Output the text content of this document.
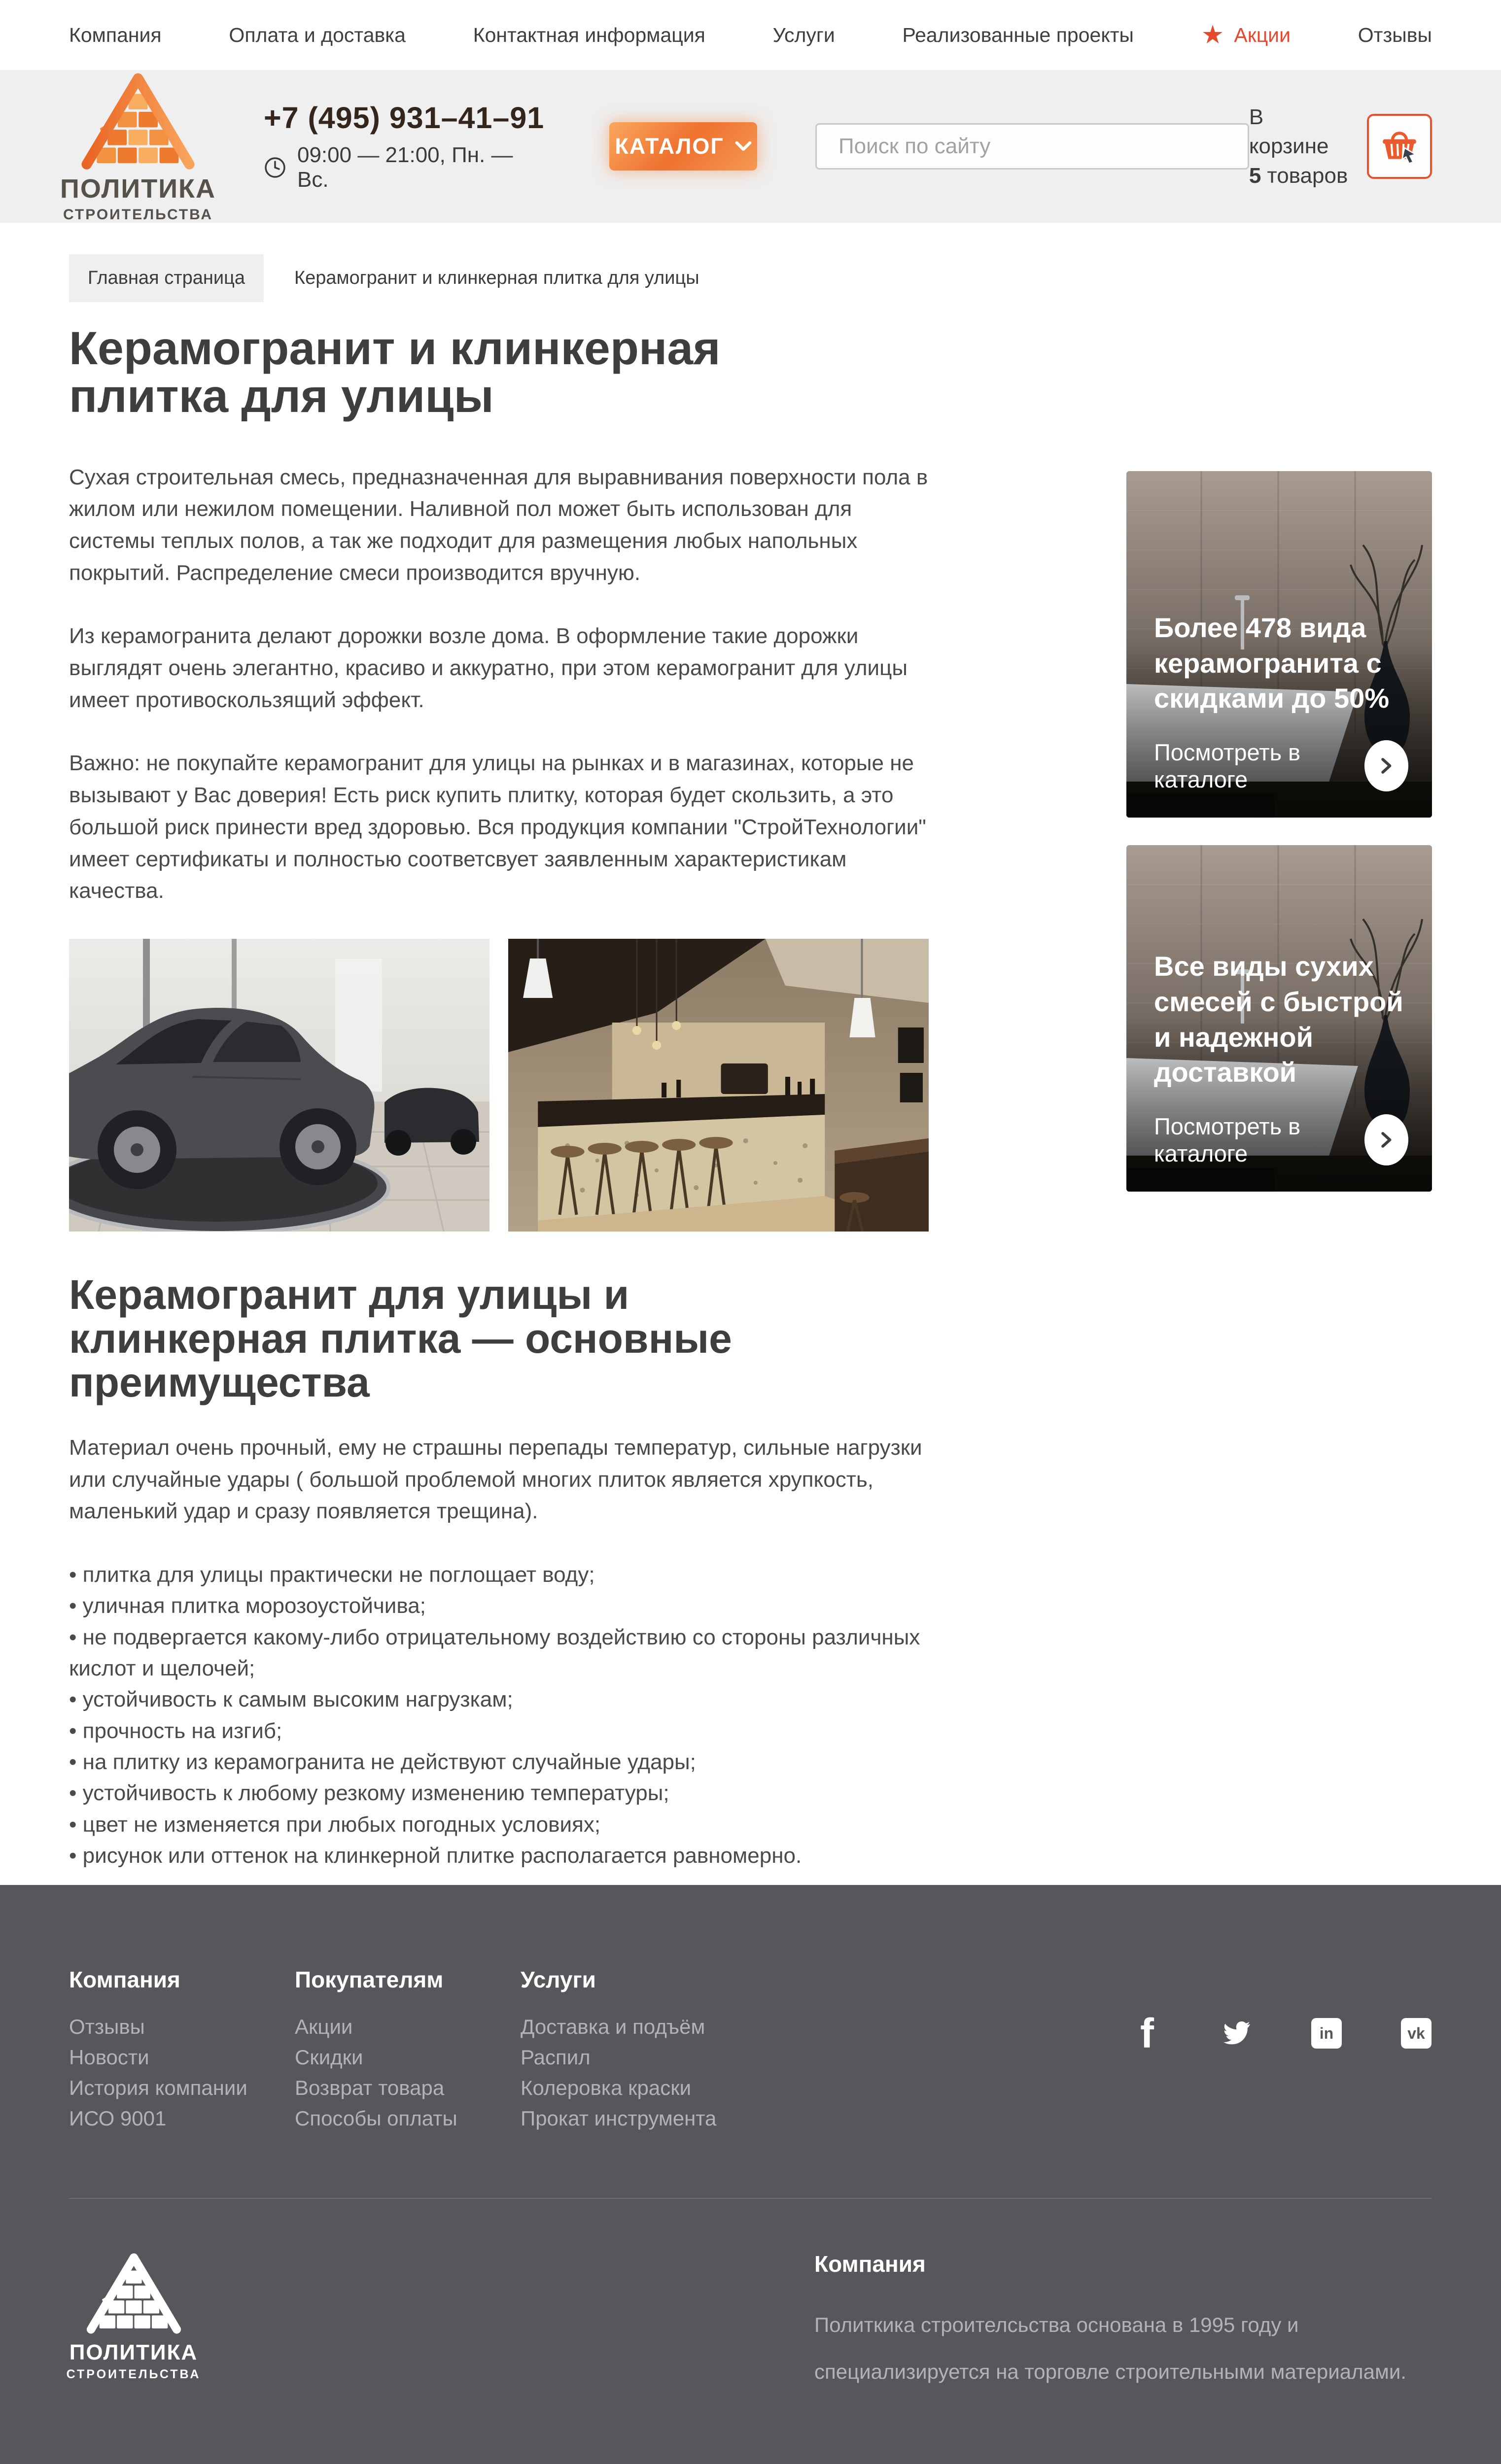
Компания	Оплата и доставка	Контактная информация	Услуги	Реализованные проекты	★ Акции	Отзывы
ПОЛИТИКА
СТРОИТЕЛЬСТВА
+7 (495) 931–41–91
09:00 — 21:00, Пн. — Вс.
КАТАЛОГ
Поиск по сайту
В корзине
5 товаров
Главная страница	Керамогранит и клинкерная плитка для улицы
Керамогранит и клинкерная плитка для улицы

Сухая строительная смесь, предназначенная для выравнивания поверхности пола в жилом или нежилом помещении. Наливной пол может быть использован для системы теплых полов, а так же подходит для размещения любых напольных покрытий. Распределение смеси производится вручную.

Из керамогранита делают дорожки возле дома. В оформление такие дорожки выглядят очень элегантно, красиво и аккуратно, при этом керамогранит для улицы имеет противоскользящий эффект.

Важно: не покупайте керамогранит для улицы на рынках и в магазинах, которые не вызывают у Вас доверия! Есть риск купить плитку, которая будет скользить, а это большой риск принести вред здоровью. Вся продукция компании "СтройТехнологии" имеет сертификаты и полностью соответсвует заявленным характеристикам качества.

Керамогранит для улицы и клинкерная плитка — основные преимущества

Материал очень прочный, ему не страшны перепады температур, сильные нагрузки или случайные удары ( большой проблемой многих плиток является хрупкость, маленький удар и сразу появляется трещина).

• плитка для улицы практически не поглощает воду;
• уличная плитка морозоустойчива;
• не подвергается какому-либо отрицательному воздействию со стороны различных кислот и щелочей;
• устойчивость к самым высоким нагрузкам;
• прочность на изгиб;
• на плитку из керамогранита не действуют случайные удары;
• устойчивость к любому резкому изменению температуры;
• цвет не изменяется при любых погодных условиях;
• рисунок или оттенок на клинкерной плитке располагается равномерно.
Более 478 вида керамогранита с скидками до 50%
Посмотреть в каталоге
Все виды сухих смесей с быстрой и надежной доставкой
Посмотреть в каталоге
Компания
Отзывы
Новости
История компании
ИСО 9001
Покупателям
Акции
Скидки
Возврат товара
Способы оплаты
Услуги
Доставка и подъём
Распил
Колеровка краски
Прокат инструмента
f	in	vk
ПОЛИТИКА
СТРОИТЕЛЬСТВА
Компания

Политкика строителсьства основана в 1995 году и специализируется на торговле строительными материалами.
